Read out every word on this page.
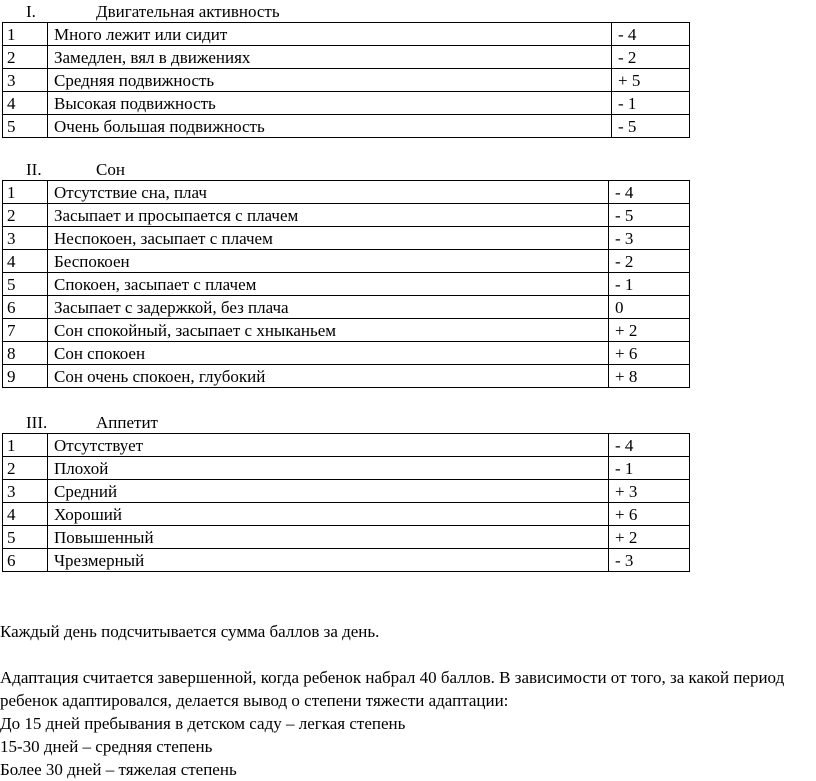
I.	Двигательная активность
1	Много лежит или сидит	- 4
2	Замедлен, вял в движениях	- 2
3	Средняя подвижность	+ 5
4	Высокая подвижность	- 1
5	Очень большая подвижность	- 5
II.	Сон
1	Отсутствие сна, плач	- 4
2	Засыпает и просыпается с плачем	- 5
3	Неспокоен, засыпает с плачем	- 3
4	Беспокоен	- 2
5	Спокоен, засыпает с плачем	- 1
6	Засыпает с задержкой, без плача	0
7	Сон спокойный, засыпает с хныканьем	+ 2
8	Сон спокоен	+ 6
9	Сон очень спокоен, глубокий	+ 8
III.	Аппетит
1	Отсутствует	- 4
2	Плохой	- 1
3	Средний	+ 3
4	Хороший	+ 6
5	Повышенный	+ 2
6	Чрезмерный	- 3

Каждый день подсчитывается сумма баллов за день.

Адаптация считается завершенной, когда ребенок набрал 40 баллов. В зависимости от того, за какой период ребенок адаптировался, делается вывод о степени тяжести адаптации:

До 15 дней пребывания в детском саду – легкая степень

15-30 дней – средняя степень

Более 30 дней – тяжелая степень
